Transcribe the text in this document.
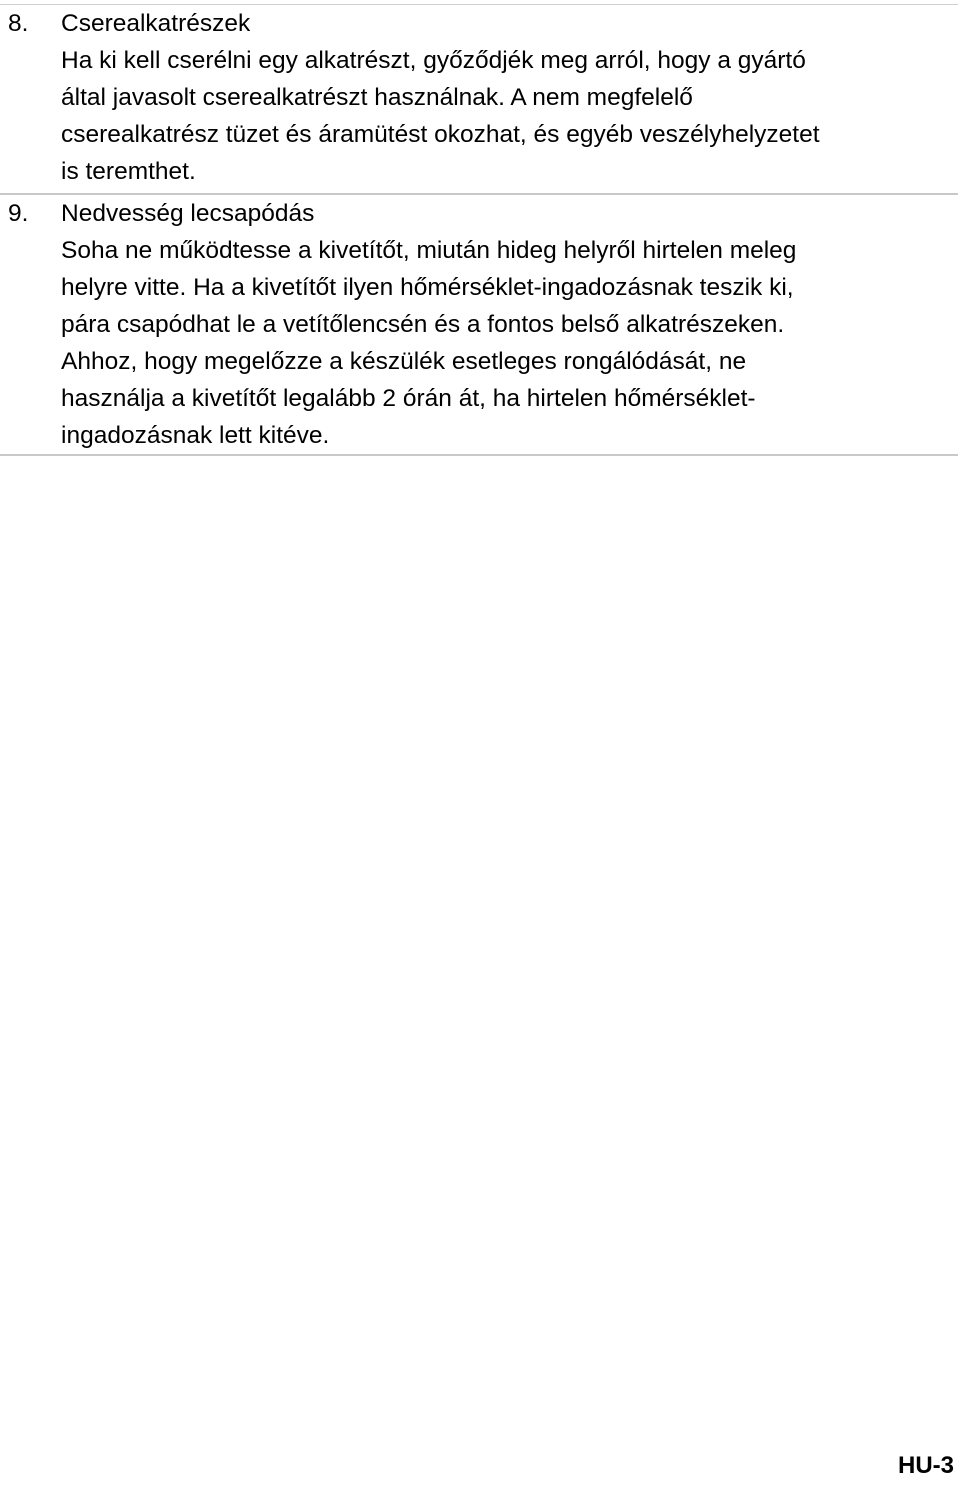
8.	Cserealkatrészek
Ha ki kell cserélni egy alkatrészt, győződjék meg arról, hogy a gyártó
által javasolt cserealkatrészt használnak. A nem megfelelő
cserealkatrész tüzet és áramütést okozhat, és egyéb veszélyhelyzetet
is teremthet.
9.	Nedvesség lecsapódás
Soha ne működtesse a kivetítőt, miután hideg helyről hirtelen meleg
helyre vitte. Ha a kivetítőt ilyen hőmérséklet-ingadozásnak teszik ki,
pára csapódhat le a vetítőlencsén és a fontos belső alkatrészeken.
Ahhoz, hogy megelőzze a készülék esetleges rongálódását, ne
használja a kivetítőt legalább 2 órán át, ha hirtelen hőmérséklet-
ingadozásnak lett kitéve.
HU-3
